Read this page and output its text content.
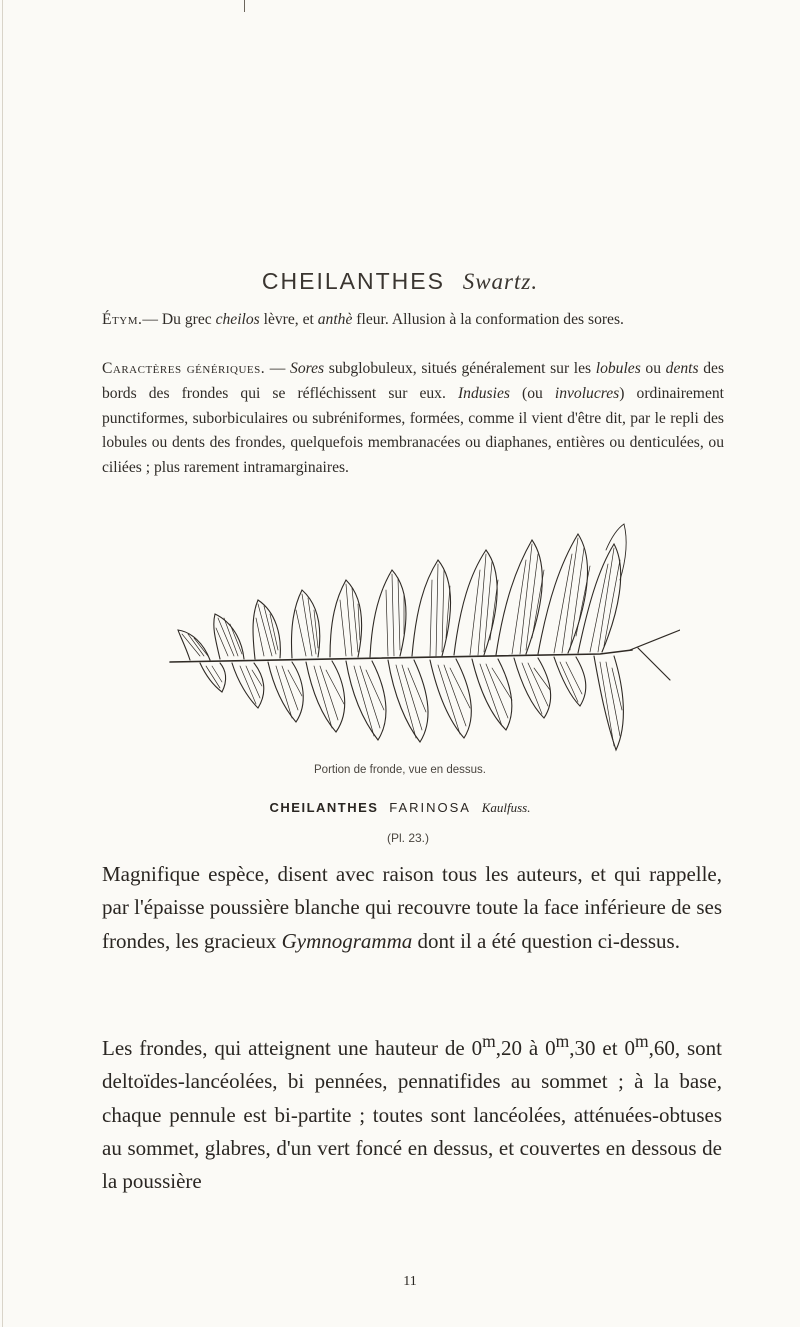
CHEILANTHES Swartz.
Étym.— Du grec cheilos lèvre, et anthè fleur. Allusion à la conformation des sores.
Caractères génériques. — Sores subglobuleux, situés généralement sur les lobules ou dents des bords des frondes qui se réfléchissent sur eux. Indusies (ou involucres) ordinairement punctiformes, suborbiculaires ou subréniformes, formées, comme il vient d'être dit, par le repli des lobules ou dents des frondes, quelquefois membranacées ou diaphanes, entières ou denticulées, ou ciliées ; plus rarement intramarginaires.
Portion de fronde, vue en dessus.
CHEILANTHES FARINOSA Kaulfuss.
(Pl. 23.)
Magnifique espèce, disent avec raison tous les auteurs, et qui rappelle, par l'épaisse poussière blanche qui recouvre toute la face inférieure de ses frondes, les gracieux Gymnogramma dont il a été question ci-dessus.
Les frondes, qui atteignent une hauteur de 0$^m$,20 à 0$^m$,30 et 0$^m$,60, sont deltoïdes-lancéolées, bi pennées, pennatifides au sommet ; à la base, chaque pennule est bi-partite ; toutes sont lancéolées, atténuées-obtuses au sommet, glabres, d'un vert foncé en dessus, et couvertes en dessous de la poussière
11
